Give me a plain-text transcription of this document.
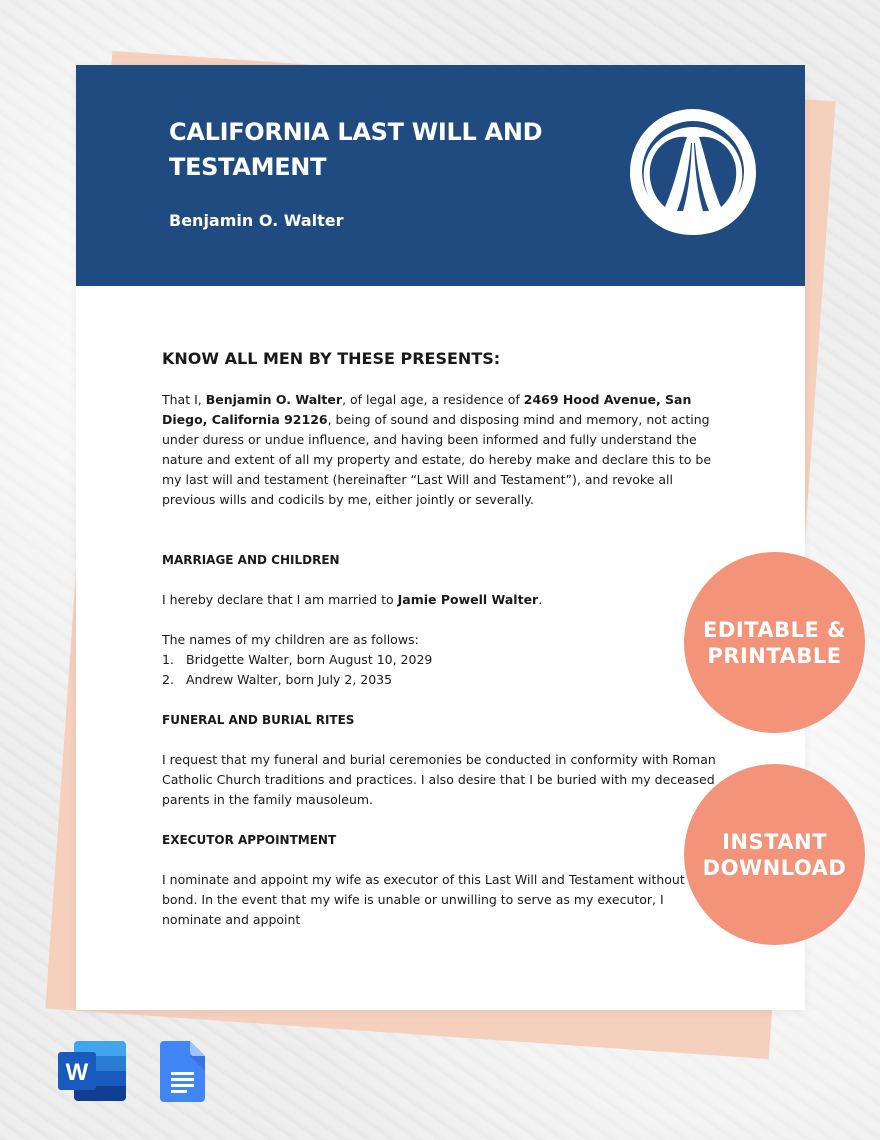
CALIFORNIA LAST WILL AND TESTAMENT
Benjamin O. Walter

KNOW ALL MEN BY THESE PRESENTS:

That I, Benjamin O. Walter, of legal age, a residence of 2469 Hood Avenue, San Diego, California 92126, being of sound and disposing mind and memory, not acting under duress or undue influence, and having been informed and fully understand the nature and extent of all my property and estate, do hereby make and declare this to be my last will and testament (hereinafter “Last Will and Testament”), and revoke all previous wills and codicils by me, either jointly or severally.

MARRIAGE AND CHILDREN

I hereby declare that I am married to Jamie Powell Walter.

The names of my children are as follows:

1. Bridgette Walter, born August 10, 2029
2. Andrew Walter, born July 2, 2035

FUNERAL AND BURIAL RITES

I request that my funeral and burial ceremonies be conducted in conformity with Roman Catholic Church traditions and practices. I also desire that I be buried with my deceased parents in the family mausoleum.

EXECUTOR APPOINTMENT

I nominate and appoint my wife as executor of this Last Will and Testament without bond. In the event that my wife is unable or unwilling to serve as my executor, I nominate and appoint

EDITABLE & PRINTABLE
INSTANT DOWNLOAD
W
